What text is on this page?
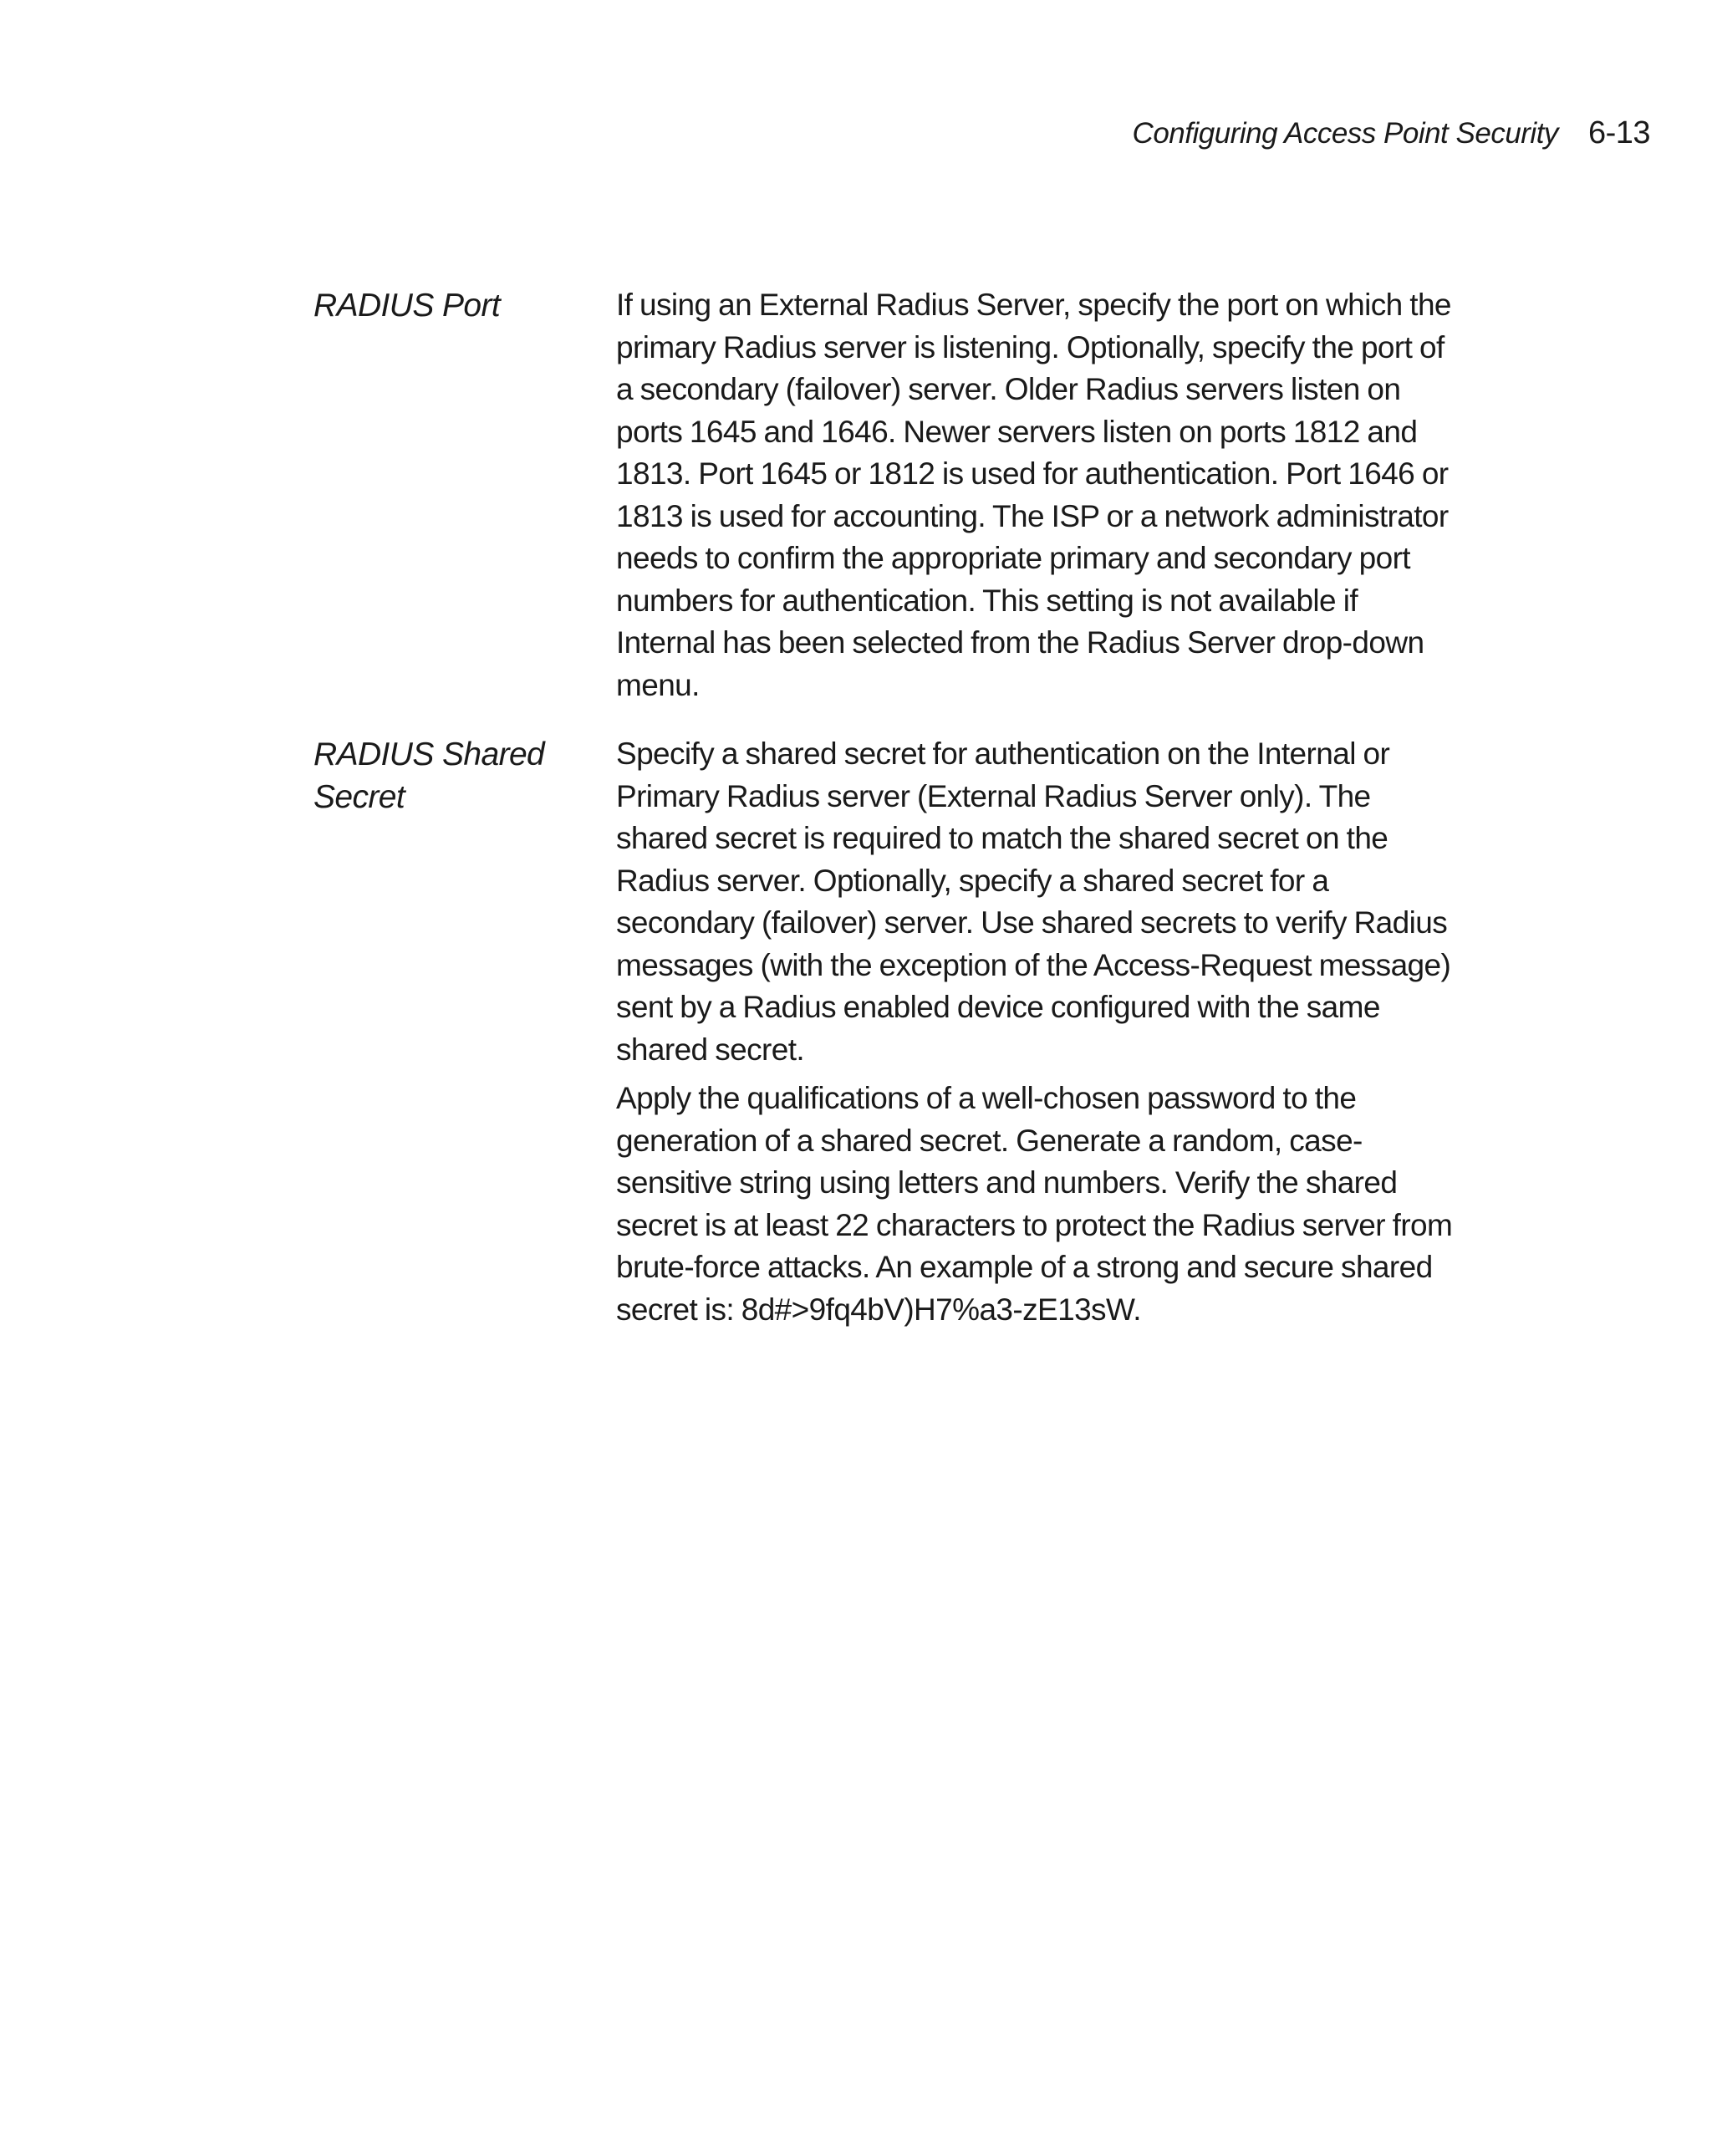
Configuring Access Point Security 6-13
RADIUS Port	If using an External Radius Server, specify the port on which the primary Radius server is listening. Optionally, specify the port of a secondary (failover) server. Older Radius servers listen on ports 1645 and 1646. Newer servers listen on ports 1812 and 1813. Port 1645 or 1812 is used for authentication. Port 1646 or 1813 is used for accounting. The ISP or a network administrator needs to confirm the appropriate primary and secondary port numbers for authentication. This setting is not available if Internal has been selected from the Radius Server drop-down menu.

RADIUS Shared Secret

Specify a shared secret for authentication on the Internal or Primary Radius server (External Radius Server only). The shared secret is required to match the shared secret on the Radius server. Optionally, specify a shared secret for a secondary (failover) server. Use shared secrets to verify Radius messages (with the exception of the Access-Request message) sent by a Radius enabled device configured with the same shared secret.

Apply the qualifications of a well-chosen password to the generation of a shared secret. Generate a random, case-sensitive string using letters and numbers. Verify the shared secret is at least 22 characters to protect the Radius server from brute-force attacks. An example of a strong and secure shared secret is: 8d#>9fq4bV)H7%a3-zE13sW.
